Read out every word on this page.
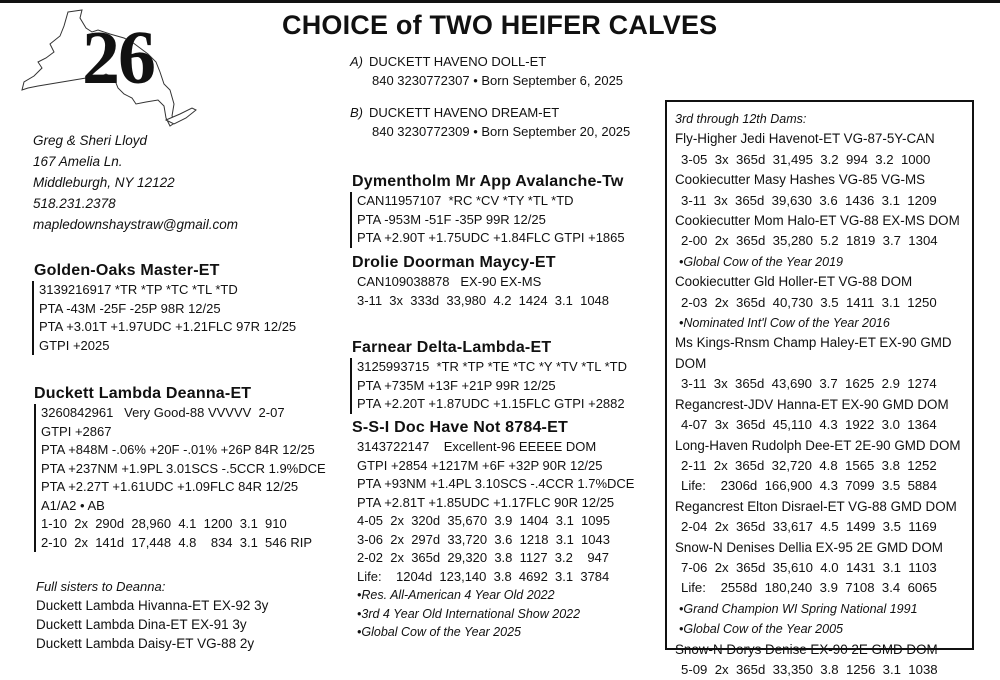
26	CHOICE of TWO HEIFER CALVES
A) DUCKETT HAVENO DOLL-ET
840 3230772307 • Born September 6, 2025
B) DUCKETT HAVENO DREAM-ET
840 3230772309 • Born September 20, 2025
Greg & Sheri Lloyd
167 Amelia Ln.
Middleburgh, NY 12122
518.231.2378
mapledownshaystraw@gmail.com
Golden-Oaks Master-ET
3139216917 *TR *TP *TC *TL *TD
PTA -43M -25F -25P 98R 12/25
PTA +3.01T +1.97UDC +1.21FLC 97R 12/25
GTPI +2025
Duckett Lambda Deanna-ET
3260842961   Very Good-88 VVVVV  2-07
GTPI +2867
PTA +848M -.06% +20F -.01% +26P 84R 12/25
PTA +237NM +1.9PL 3.01SCS -.5CCR 1.9%DCE
PTA +2.27T +1.61UDC +1.09FLC 84R 12/25
A1/A2 • AB
1-10  2x  290d  28,960  4.1  1200  3.1  910
2-10  2x  141d  17,448  4.8    834  3.1  546 RIP
Full sisters to Deanna:
Duckett Lambda Hivanna-ET EX-92 3y
Duckett Lambda Dina-ET EX-91 3y
Duckett Lambda Daisy-ET VG-88 2y
Dymentholm Mr App Avalanche-Tw
CAN11957107  *RC *CV *TY *TL *TD
PTA -953M -51F -35P 99R 12/25
PTA +2.90T +1.75UDC +1.84FLC GTPI +1865
Drolie Doorman Maycy-ET
CAN109038878   EX-90 EX-MS
3-11  3x  333d  33,980  4.2  1424  3.1  1048
Farnear Delta-Lambda-ET
3125993715  *TR *TP *TE *TC *Y *TV *TL *TD
PTA +735M +13F +21P 99R 12/25
PTA +2.20T +1.87UDC +1.15FLC GTPI +2882
S-S-I Doc Have Not 8784-ET
3143722147    Excellent-96 EEEEE DOM
GTPI +2854 +1217M +6F +32P 90R 12/25
PTA +93NM +1.4PL 3.10SCS -.4CCR 1.7%DCE
PTA +2.81T +1.85UDC +1.17FLC 90R 12/25
4-05  2x  320d  35,670  3.9  1404  3.1  1095
3-06  2x  297d  33,720  3.6  1218  3.1  1043
2-02  2x  365d  29,320  3.8  1127  3.2    947
Life:    1204d  123,140  3.8  4692  3.1  3784
•Res. All-American 4 Year Old 2022
•3rd 4 Year Old International Show 2022
•Global Cow of the Year 2025
3rd through 12th Dams:
Fly-Higher Jedi Havenot-ET VG-87-5Y-CAN
3-05  3x  365d  31,495  3.2  994  3.2  1000
Cookiecutter Masy Hashes VG-85 VG-MS
3-11  3x  365d  39,630  3.6  1436  3.1  1209
Cookiecutter Mom Halo-ET VG-88 EX-MS DOM
2-00  2x  365d  35,280  5.2  1819  3.7  1304
•Global Cow of the Year 2019
Cookiecutter Gld Holler-ET VG-88 DOM
2-03  2x  365d  40,730  3.5  1411  3.1  1250
•Nominated Int'l Cow of the Year 2016
Ms Kings-Rnsm Champ Haley-ET EX-90 GMD DOM
3-11  3x  365d  43,690  3.7  1625  2.9  1274
Regancrest-JDV Hanna-ET EX-90 GMD DOM
4-07  3x  365d  45,110  4.3  1922  3.0  1364
Long-Haven Rudolph Dee-ET 2E-90 GMD DOM
2-11  2x  365d  32,720  4.8  1565  3.8  1252
Life:    2306d  166,900  4.3  7099  3.5  5884
Regancrest Elton Disrael-ET VG-88 GMD DOM
2-04  2x  365d  33,617  4.5  1499  3.5  1169
Snow-N Denises Dellia EX-95 2E GMD DOM
7-06  2x  365d  35,610  4.0  1431  3.1  1103
Life:    2558d  180,240  3.9  7108  3.4  6065
•Grand Champion WI Spring National 1991
•Global Cow of the Year 2005
Snow-N Dorys Denise EX-90 2E GMD DOM
5-09  2x  365d  33,350  3.8  1256  3.1  1038
